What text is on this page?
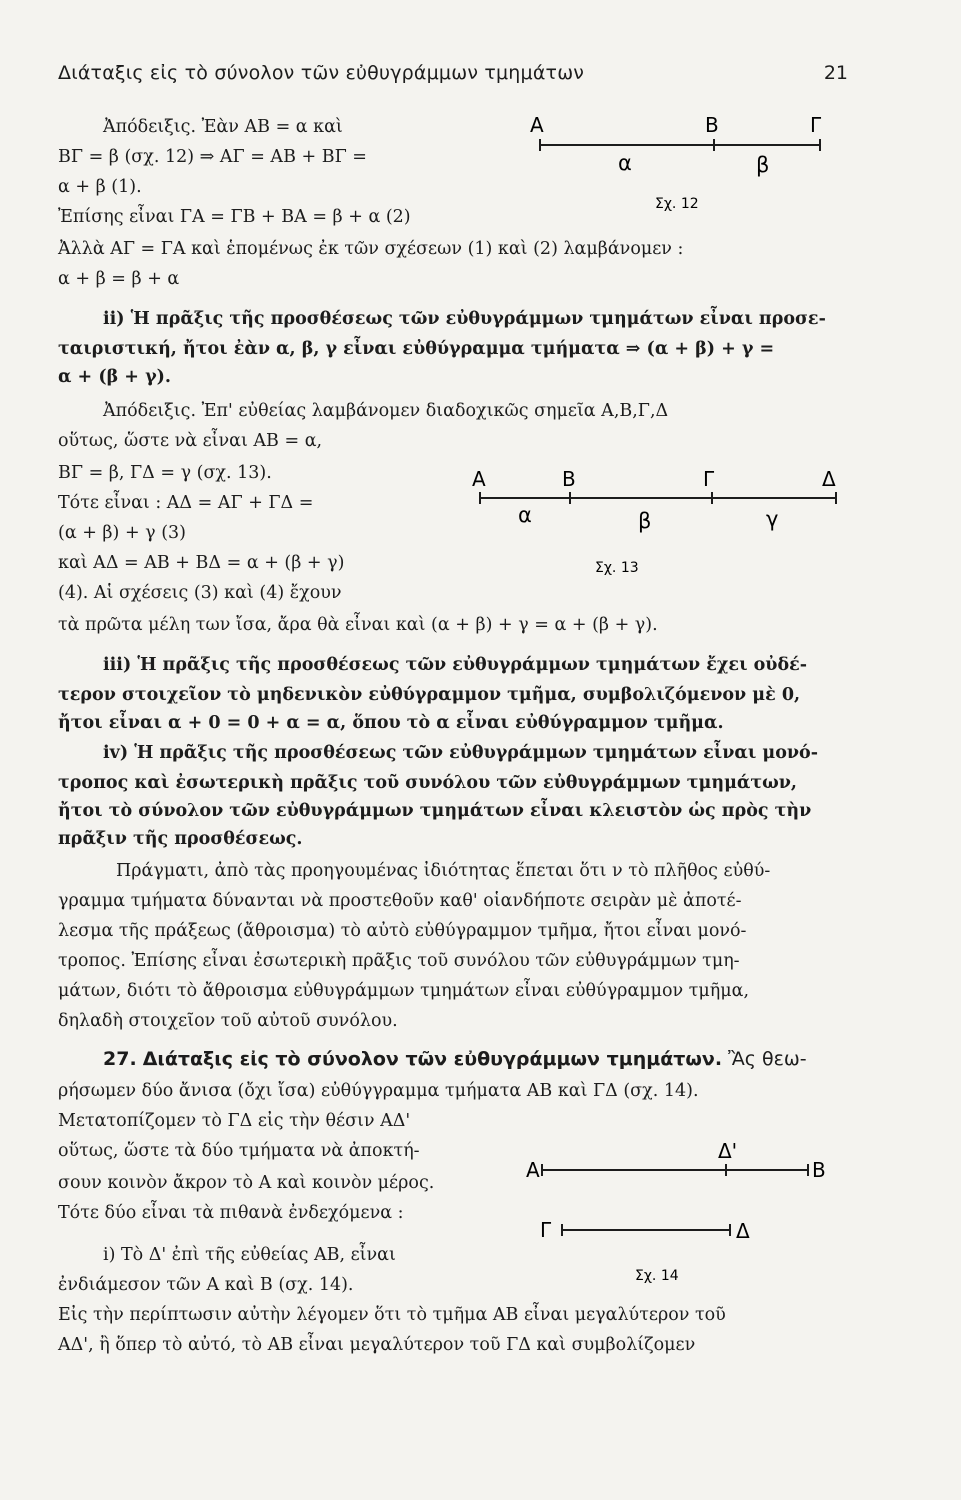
Διάταξις εἰς τὸ σύνολον τῶν εὐθυγράμμων τμημάτων	21
Ἀπόδειξις. Ἐὰν ΑΒ = α καὶ
ΒΓ = β (σχ. 12) ⇒ ΑΓ = ΑΒ + ΒΓ =
α + β (1).
Ἐπίσης εἶναι ΓΑ = ΓΒ + ΒΑ = β + α (2)
Ἀλλὰ ΑΓ = ΓΑ καὶ ἑπομένως ἐκ τῶν σχέσεων (1) καὶ (2) λαμβάνομεν :
α + β = β + α
ii) Ἡ πρᾶξις τῆς προσθέσεως τῶν εὐθυγράμμων τμημάτων εἶναι προσε-
ταιριστική, ἤτοι ἐὰν α, β, γ εἶναι εὐθύγραμμα τμήματα ⇒ (α + β) + γ =
α + (β + γ).
Ἀπόδειξις. Ἐπ' εὐθείας λαμβάνομεν διαδοχικῶς σημεῖα Α,Β,Γ,Δ
οὕτως, ὥστε νὰ εἶναι ΑΒ = α,
ΒΓ = β, ΓΔ = γ (σχ. 13).
Τότε εἶναι : ΑΔ = ΑΓ + ΓΔ =
(α + β) + γ (3)
καὶ ΑΔ = ΑΒ + ΒΔ = α + (β + γ)
(4). Αἱ σχέσεις (3) καὶ (4) ἔχουν
τὰ πρῶτα μέλη των ἴσα, ἄρα θὰ εἶναι καὶ (α + β) + γ = α + (β + γ).
iii) Ἡ πρᾶξις τῆς προσθέσεως τῶν εὐθυγράμμων τμημάτων ἔχει οὐδέ-
τερον στοιχεῖον τὸ μηδενικὸν εὐθύγραμμον τμῆμα, συμβολιζόμενον μὲ 0,
ἤτοι εἶναι α + 0 = 0 + α = α, ὅπου τὸ α εἶναι εὐθύγραμμον τμῆμα.
iv) Ἡ πρᾶξις τῆς προσθέσεως τῶν εὐθυγράμμων τμημάτων εἶναι μονό-
τροπος καὶ ἐσωτερικὴ πρᾶξις τοῦ συνόλου τῶν εὐθυγράμμων τμημάτων,
ἤτοι τὸ σύνολον τῶν εὐθυγράμμων τμημάτων εἶναι κλειστὸν ὡς πρὸς τὴν
πρᾶξιν τῆς προσθέσεως.
Πράγματι, ἀπὸ τὰς προηγουμένας ἰδιότητας ἕπεται ὅτι ν τὸ πλῆθος εὐθύ-
γραμμα τμήματα δύνανται νὰ προστεθοῦν καθ' οἱανδήποτε σειρὰν μὲ ἀποτέ-
λεσμα τῆς πράξεως (ἄθροισμα) τὸ αὐτὸ εὐθύγραμμον τμῆμα, ἤτοι εἶναι μονό-
τροπος. Ἐπίσης εἶναι ἐσωτερικὴ πρᾶξις τοῦ συνόλου τῶν εὐθυγράμμων τμη-
μάτων, διότι τὸ ἄθροισμα εὐθυγράμμων τμημάτων εἶναι εὐθύγραμμον τμῆμα,
δηλαδὴ στοιχεῖον τοῦ αὐτοῦ συνόλου.
27. Διάταξις εἰς τὸ σύνολον τῶν εὐθυγράμμων τμημάτων. Ἂς θεω-
ρήσωμεν δύο ἄνισα (ὄχι ἴσα) εὐθύγγραμμα τμήματα ΑΒ καὶ ΓΔ (σχ. 14).
Μετατοπίζομεν τὸ ΓΔ εἰς τὴν θέσιν ΑΔ'
οὕτως, ὥστε τὰ δύο τμήματα νὰ ἀποκτή-
σουν κοινὸν ἄκρον τὸ Α καὶ κοινὸν μέρος.
Τότε δύο εἶναι τὰ πιθανὰ ἐνδεχόμενα :
i) Τὸ Δ' ἐπὶ τῆς εὐθείας ΑΒ, εἶναι
ἐνδιάμεσον τῶν Α καὶ Β (σχ. 14).
Εἰς τὴν περίπτωσιν αὐτὴν λέγομεν ὅτι τὸ τμῆμα ΑΒ εἶναι μεγαλύτερον τοῦ
ΑΔ', ἢ ὅπερ τὸ αὐτό, τὸ ΑΒ εἶναι μεγαλύτερον τοῦ ΓΔ καὶ συμβολίζομεν
Α	Β	Γ
α	β
Σχ. 12
Α	Β	Γ	Δ
α	β	γ
Σχ. 13
Α
Δ'
Β
Γ	Δ
Σχ. 14
